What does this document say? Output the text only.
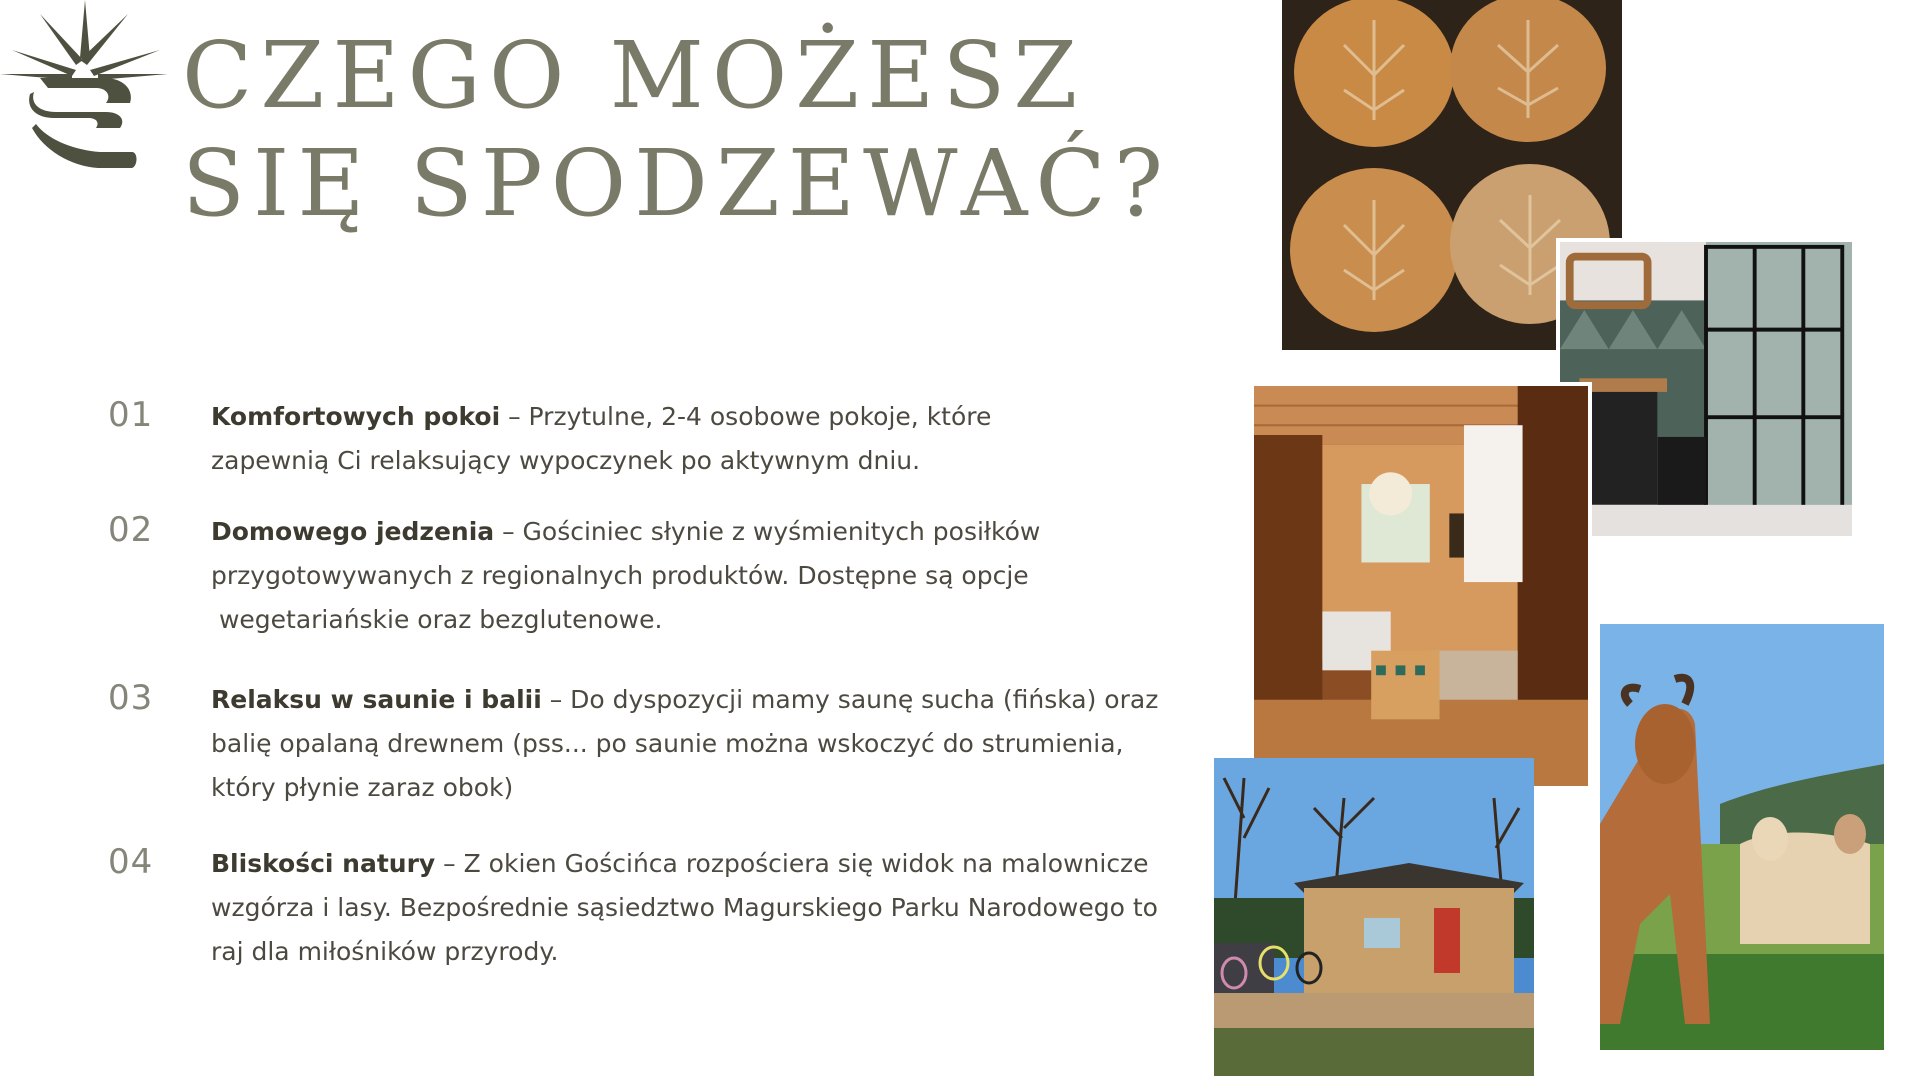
CZEGO MOŻESZ
SIĘ SPODZEWAĆ?
01 Komfortowych pokoi – Przytulne, 2-4 osobowe pokoje, które
zapewnią Ci relaksujący wypoczynek po aktywnym dniu.
02 Domowego jedzenia – Gościniec słynie z wyśmienitych posiłków
przygotowywanych z regionalnych produktów. Dostępne są opcje
wegetariańskie oraz bezglutenowe.
03 Relaksu w saunie i balii – Do dyspozycji mamy saunę sucha (fińska) oraz
balię opalaną drewnem (pss... po saunie można wskoczyć do strumienia,
który płynie zaraz obok)
04 Bliskości natury – Z okien Gościńca rozpościera się widok na malownicze
wzgórza i lasy. Bezpośrednie sąsiedztwo Magurskiego Parku Narodowego to
raj dla miłośników przyrody.
